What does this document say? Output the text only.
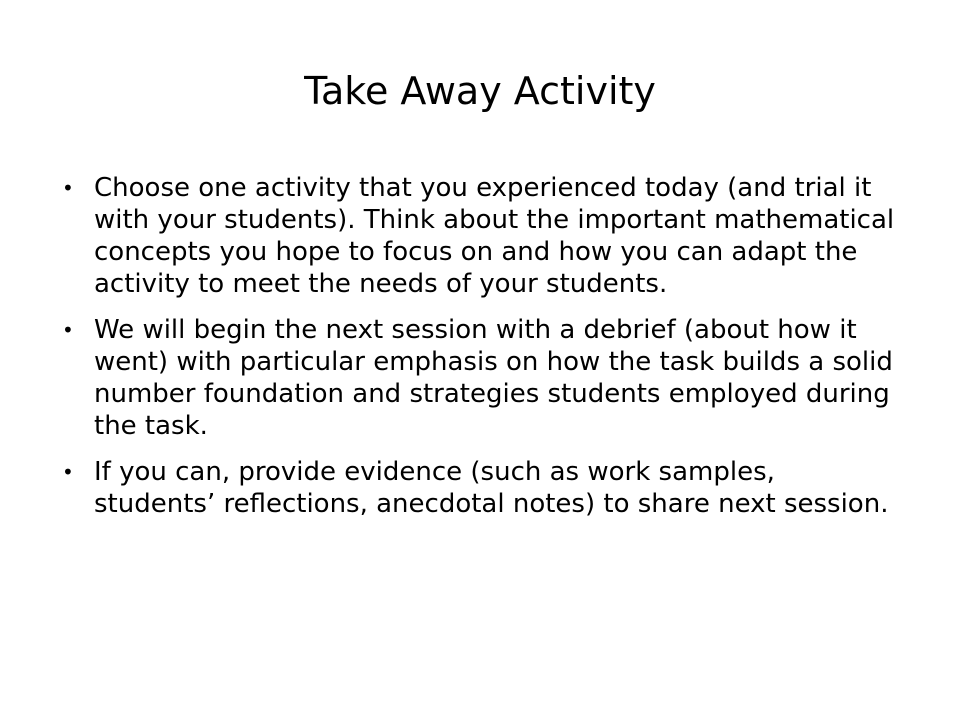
Take Away Activity
• Choose one activity that you experienced today (and trial it with your students). Think about the important mathematical concepts you hope to focus on and how you can adapt the activity to meet the needs of your students.
• We will begin the next session with a debrief (about how it went) with particular emphasis on how the task builds a solid number foundation and strategies students employed during the task.
• If you can, provide evidence (such as work samples, students’ reflections, anecdotal notes) to share next session.
